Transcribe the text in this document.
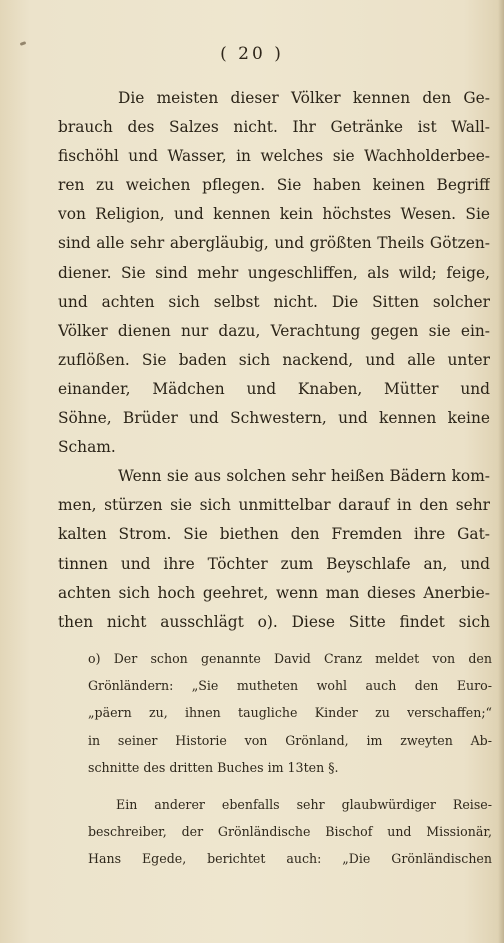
( 20 )
Die meisten dieser Völker kennen den Ge-
brauch des Salzes nicht. Ihr Getränke ist Wall-
fischöhl und Wasser, in welches sie Wachholderbee-
ren zu weichen pflegen. Sie haben keinen Begriff
von Religion, und kennen kein höchstes Wesen. Sie
sind alle sehr abergläubig, und größten Theils Götzen-
diener. Sie sind mehr ungeschliffen, als wild; feige,
und achten sich selbst nicht. Die Sitten solcher
Völker dienen nur dazu, Verachtung gegen sie ein-
zuflößen. Sie baden sich nackend, und alle unter
einander, Mädchen und Knaben, Mütter und
Söhne, Brüder und Schwestern, und kennen keine
Scham.
Wenn sie aus solchen sehr heißen Bädern kom-
men, stürzen sie sich unmittelbar darauf in den sehr
kalten Strom. Sie biethen den Fremden ihre Gat-
tinnen und ihre Töchter zum Beyschlafe an, und
achten sich hoch geehret, wenn man dieses Anerbie-
then nicht ausschlägt o). Diese Sitte findet sich
o) Der schon genannte David Cranz meldet von den
Grönländern: „Sie mutheten wohl auch den Euro-
„päern zu, ihnen taugliche Kinder zu verschaffen;“
in seiner Historie von Grönland, im zweyten Ab-
schnitte des dritten Buches im 13ten §.
Ein anderer ebenfalls sehr glaubwürdiger Reise-
beschreiber, der Grönländische Bischof und Missionär,
Hans Egede, berichtet auch: „Die Grönländischen
